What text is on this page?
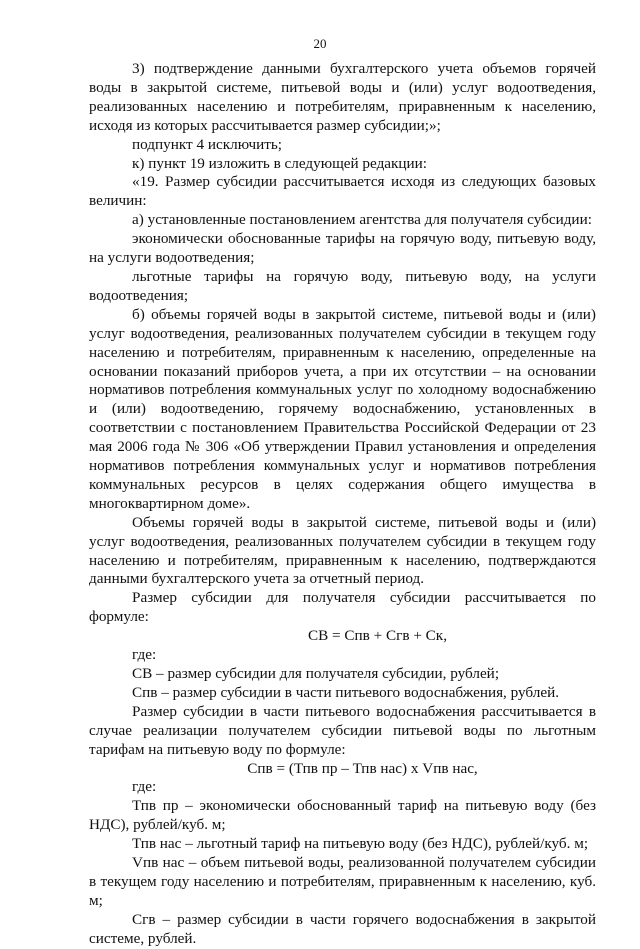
20

3) подтверждение данными бухгалтерского учета объемов горячей воды в закрытой системе, питьевой воды и (или) услуг водоотведения, реализованных населению и потребителям, приравненным к населению, исходя из которых рассчитывается размер субсидии;»;

подпункт 4 исключить;

к) пункт 19 изложить в следующей редакции:

«19. Размер субсидии рассчитывается исходя из следующих базовых величин:

а) установленные постановлением агентства для получателя субсидии:

экономически обоснованные тарифы на горячую воду, питьевую воду, на услуги водоотведения;

льготные тарифы на горячую воду, питьевую воду, на услуги водоотведения;

б) объемы горячей воды в закрытой системе, питьевой воды и (или) услуг водоотведения, реализованных получателем субсидии в текущем году населению и потребителям, приравненным к населению, определенные на основании показаний приборов учета, а при их отсутствии – на основании нормативов потребления коммунальных услуг по холодному водоснабжению и (или) водоотведению, горячему водоснабжению, установленных в соответствии с постановлением Правительства Российской Федерации от 23 мая 2006 года № 306 «Об утверждении Правил установления и определения нормативов потребления коммунальных услуг и нормативов потребления коммунальных ресурсов в целях содержания общего имущества в многоквартирном доме».

Объемы горячей воды в закрытой системе, питьевой воды и (или) услуг водоотведения, реализованных получателем субсидии в текущем году населению и потребителям, приравненным к населению, подтверждаются данными бухгалтерского учета за отчетный период.

Размер субсидии для получателя субсидии рассчитывается по формуле:

СВ = Спв + Сгв + Ск,

где:

СВ – размер субсидии для получателя субсидии, рублей;

Спв – размер субсидии в части питьевого водоснабжения, рублей.

Размер субсидии в части питьевого водоснабжения рассчитывается в случае реализации получателем субсидии питьевой воды по льготным тарифам на питьевую воду по формуле:

Спв = (Тпв пр – Тпв нас) х Vпв нас,

где:

Тпв пр – экономически обоснованный тариф на питьевую воду (без НДС), рублей/куб. м;

Тпв нас – льготный тариф на питьевую воду (без НДС), рублей/куб. м;

Vпв нас – объем питьевой воды, реализованной получателем субсидии в текущем году населению и потребителям, приравненным к населению, куб. м;

Сгв – размер субсидии в части горячего водоснабжения в закрытой системе, рублей.
